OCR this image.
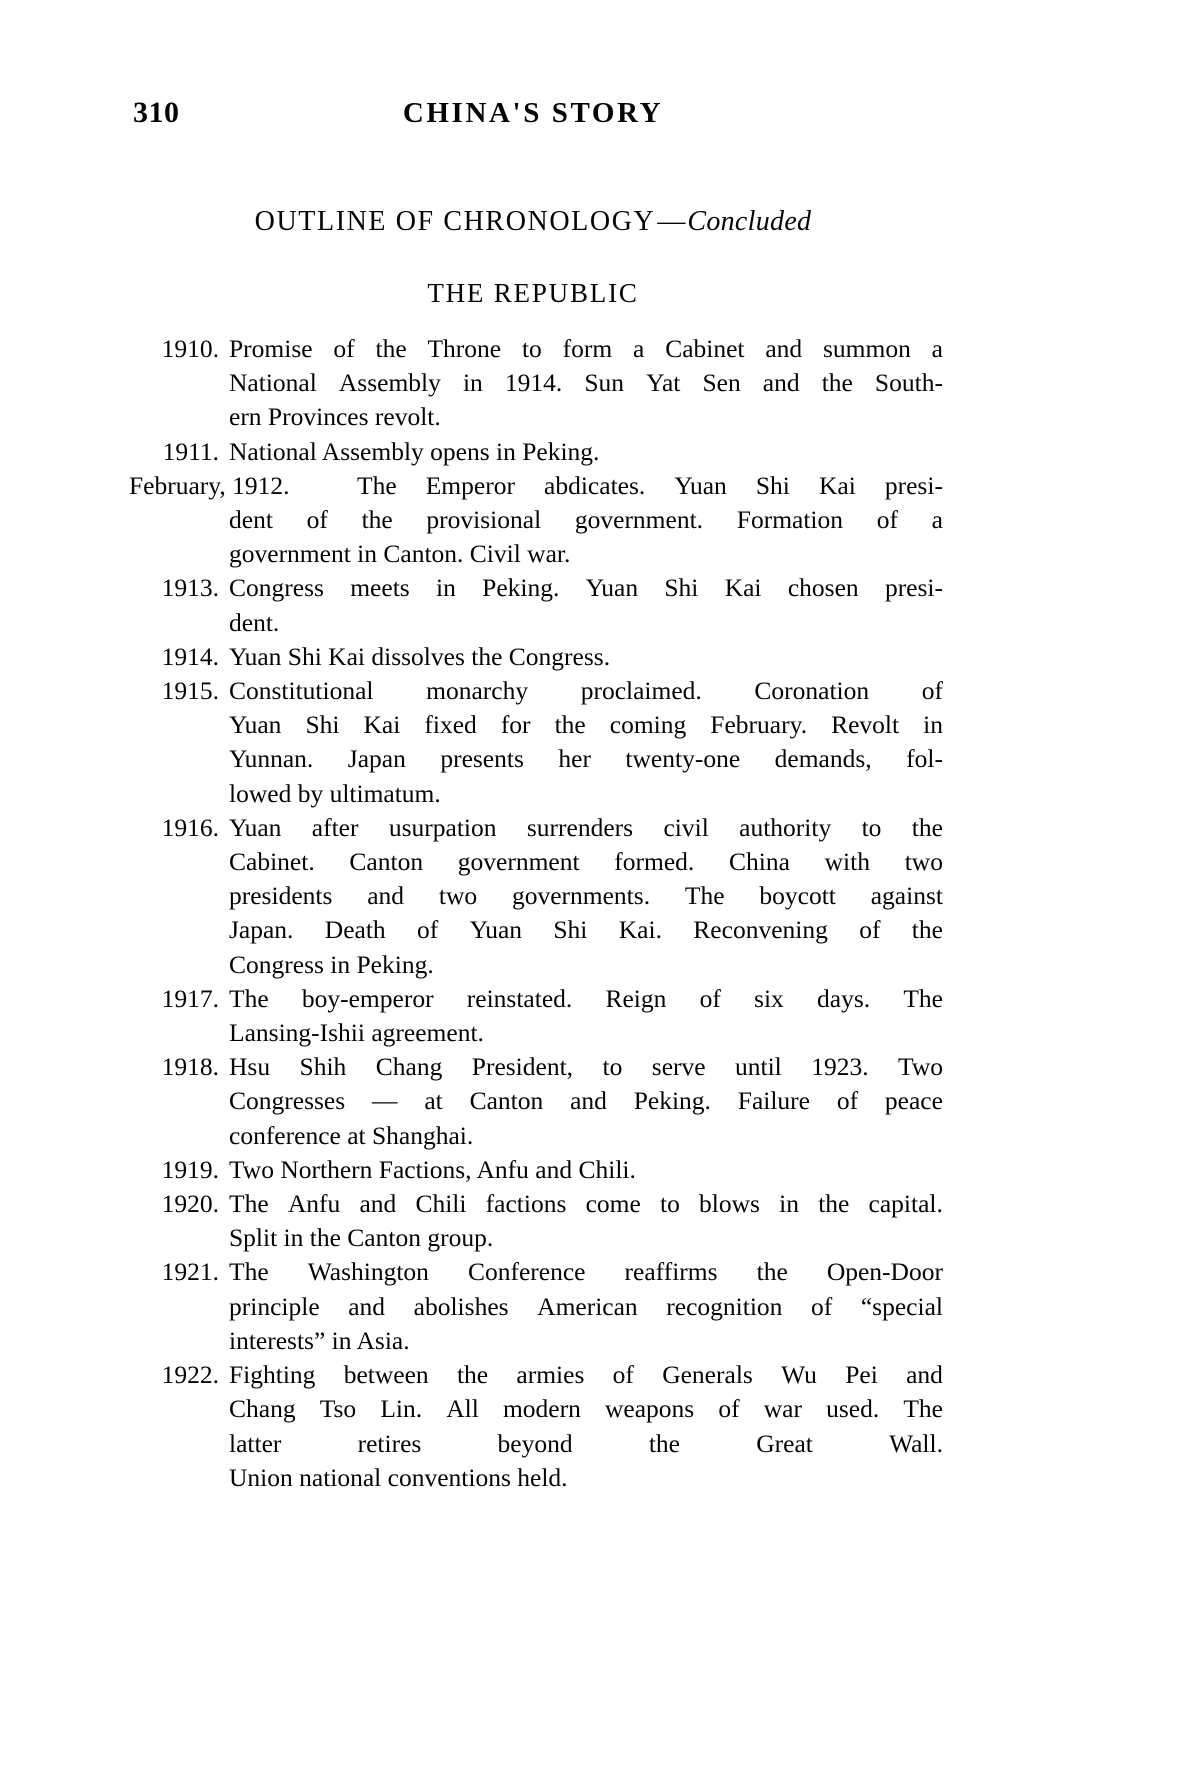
310	CHINA'S STORY
OUTLINE OF CHRONOLOGY—Concluded
THE REPUBLIC
1910. Promise of the Throne to form a Cabinet and summon a
National Assembly in 1914. Sun Yat Sen and the South-
ern Provinces revolt.
1911. National Assembly opens in Peking.
February, 1912.	The Emperor abdicates. Yuan Shi Kai presi-
dent of the provisional government. Formation of a
government in Canton. Civil war.
1913. Congress meets in Peking. Yuan Shi Kai chosen presi-
dent.
1914. Yuan Shi Kai dissolves the Congress.
1915. Constitutional monarchy proclaimed. Coronation of
Yuan Shi Kai fixed for the coming February. Revolt in
Yunnan. Japan presents her twenty-one demands, fol-
lowed by ultimatum.
1916. Yuan after usurpation surrenders civil authority to the
Cabinet. Canton government formed. China with two
presidents and two governments. The boycott against
Japan. Death of Yuan Shi Kai. Reconvening of the
Congress in Peking.
1917. The boy-emperor reinstated. Reign of six days. The
Lansing-Ishii agreement.
1918. Hsu Shih Chang President, to serve until 1923. Two
Congresses — at Canton and Peking. Failure of peace
conference at Shanghai.
1919. Two Northern Factions, Anfu and Chili.
1920. The Anfu and Chili factions come to blows in the capital.
Split in the Canton group.
1921. The Washington Conference reaffirms the Open-Door
principle and abolishes American recognition of “special
interests” in Asia.
1922. Fighting between the armies of Generals Wu Pei and
Chang Tso Lin. All modern weapons of war used. The
latter	retires	beyond	the	Great	Wall.
Union national conventions held.
